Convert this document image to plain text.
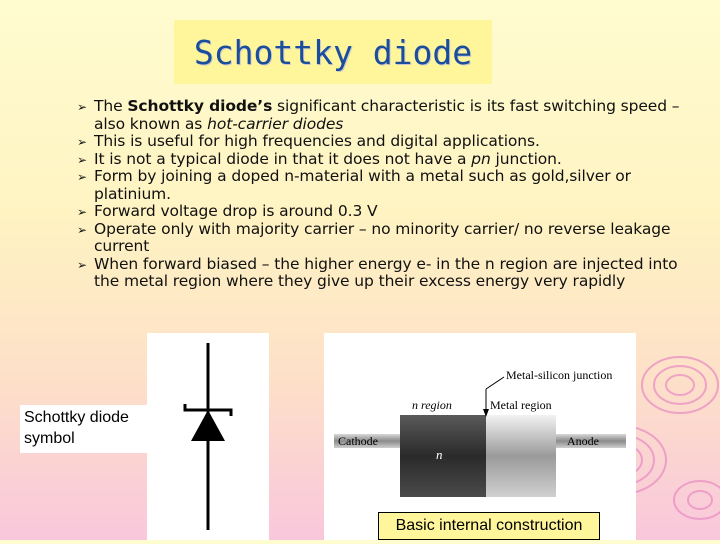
Schottky diode
➢ The Schottky diode’s significant characteristic is its fast switching speed –also known as hot-carrier diodes
➢ This is useful for high frequencies and digital applications.
➢ It is not a typical diode in that it does not have a pn junction.
➢ Form by joining a doped n-material with a metal such as gold,silver or platinium.
➢ Forward voltage drop is around 0.3 V
➢ Operate only with majority carrier – no minority carrier/ no reverse leakage current
➢ When forward biased – the higher energy e- in the n region are injected into the metal region where they give up their excess energy very rapidly
Schottky diode symbol
Metal-silicon junction
n region	Metal region
Cathode	Anode
n
Basic internal construction
